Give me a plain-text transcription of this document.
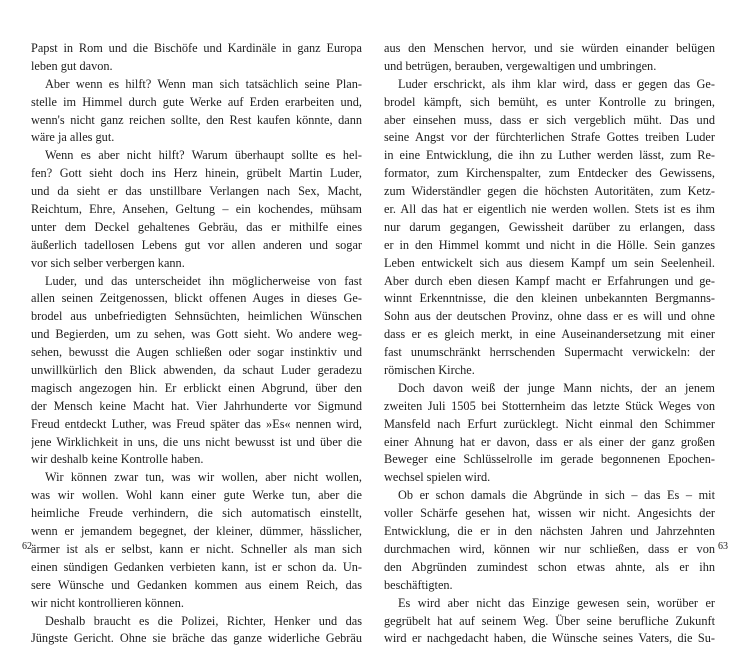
Papst in Rom und die Bischöfe und Kardinäle in ganz Europa
leben gut davon.
Aber wenn es hilft? Wenn man sich tatsächlich seine Plan-
stelle im Himmel durch gute Werke auf Erden erarbeiten und,
wenn's nicht ganz reichen sollte, den Rest kaufen könnte, dann
wäre ja alles gut.
Wenn es aber nicht hilft? Warum überhaupt sollte es hel-
fen? Gott sieht doch ins Herz hinein, grübelt Martin Luder,
und da sieht er das unstillbare Verlangen nach Sex, Macht,
Reichtum, Ehre, Ansehen, Geltung – ein kochendes, mühsam
unter dem Deckel gehaltenes Gebräu, das er mithilfe eines
äußerlich tadellosen Lebens gut vor allen anderen und sogar
vor sich selber verbergen kann.
Luder, und das unterscheidet ihn möglicherweise von fast
allen seinen Zeitgenossen, blickt offenen Auges in dieses Ge-
brodel aus unbefriedigten Sehnsüchten, heimlichen Wünschen
und Begierden, um zu sehen, was Gott sieht. Wo andere weg-
sehen, bewusst die Augen schließen oder sogar instinktiv und
unwillkürlich den Blick abwenden, da schaut Luder geradezu
magisch angezogen hin. Er erblickt einen Abgrund, über den
der Mensch keine Macht hat. Vier Jahrhunderte vor Sigmund
Freud entdeckt Luther, was Freud später das »Es« nennen wird,
jene Wirklichkeit in uns, die uns nicht bewusst ist und über die
wir deshalb keine Kontrolle haben.
Wir können zwar tun, was wir wollen, aber nicht wollen,
was wir wollen. Wohl kann einer gute Werke tun, aber die
heimliche Freude verhindern, die sich automatisch einstellt,
wenn er jemandem begegnet, der kleiner, dümmer, hässlicher,
ärmer ist als er selbst, kann er nicht. Schneller als man sich
einen sündigen Gedanken verbieten kann, ist er schon da. Un-
sere Wünsche und Gedanken kommen aus einem Reich, das
wir nicht kontrollieren können.
Deshalb braucht es die Polizei, Richter, Henker und das
Jüngste Gericht. Ohne sie bräche das ganze widerliche Gebräu
62
aus den Menschen hervor, und sie würden einander belügen
und betrügen, berauben, vergewaltigen und umbringen.
Luder erschrickt, als ihm klar wird, dass er gegen das Ge-
brodel kämpft, sich bemüht, es unter Kontrolle zu bringen,
aber einsehen muss, dass er sich vergeblich müht. Das und
seine Angst vor der fürchterlichen Strafe Gottes treiben Luder
in eine Entwicklung, die ihn zu Luther werden lässt, zum Re-
formator, zum Kirchenspalter, zum Entdecker des Gewissens,
zum Widerständler gegen die höchsten Autoritäten, zum Ketz-
er. All das hat er eigentlich nie werden wollen. Stets ist es ihm
nur darum gegangen, Gewissheit darüber zu erlangen, dass
er in den Himmel kommt und nicht in die Hölle. Sein ganzes
Leben entwickelt sich aus diesem Kampf um sein Seelenheil.
Aber durch eben diesen Kampf macht er Erfahrungen und ge-
winnt Erkenntnisse, die den kleinen unbekannten Bergmanns-
Sohn aus der deutschen Provinz, ohne dass er es will und ohne
dass er es gleich merkt, in eine Auseinandersetzung mit einer
fast unumschränkt herrschenden Supermacht verwickeln: der
römischen Kirche.
Doch davon weiß der junge Mann nichts, der an jenem
zweiten Juli 1505 bei Stotternheim das letzte Stück Weges von
Mansfeld nach Erfurt zurücklegt. Nicht einmal den Schimmer
einer Ahnung hat er davon, dass er als einer der ganz großen
Beweger eine Schlüsselrolle im gerade begonnenen Epochen-
wechsel spielen wird.
Ob er schon damals die Abgründe in sich – das Es – mit
voller Schärfe gesehen hat, wissen wir nicht. Angesichts der
Entwicklung, die er in den nächsten Jahren und Jahrzehnten
durchmachen wird, können wir nur schließen, dass er von
den Abgründen zumindest schon etwas ahnte, als er ihn
beschäftigten.
Es wird aber nicht das Einzige gewesen sein, worüber er
gegrübelt hat auf seinem Weg. Über seine berufliche Zukunft
wird er nachgedacht haben, die Wünsche seines Vaters, die Su-
63
